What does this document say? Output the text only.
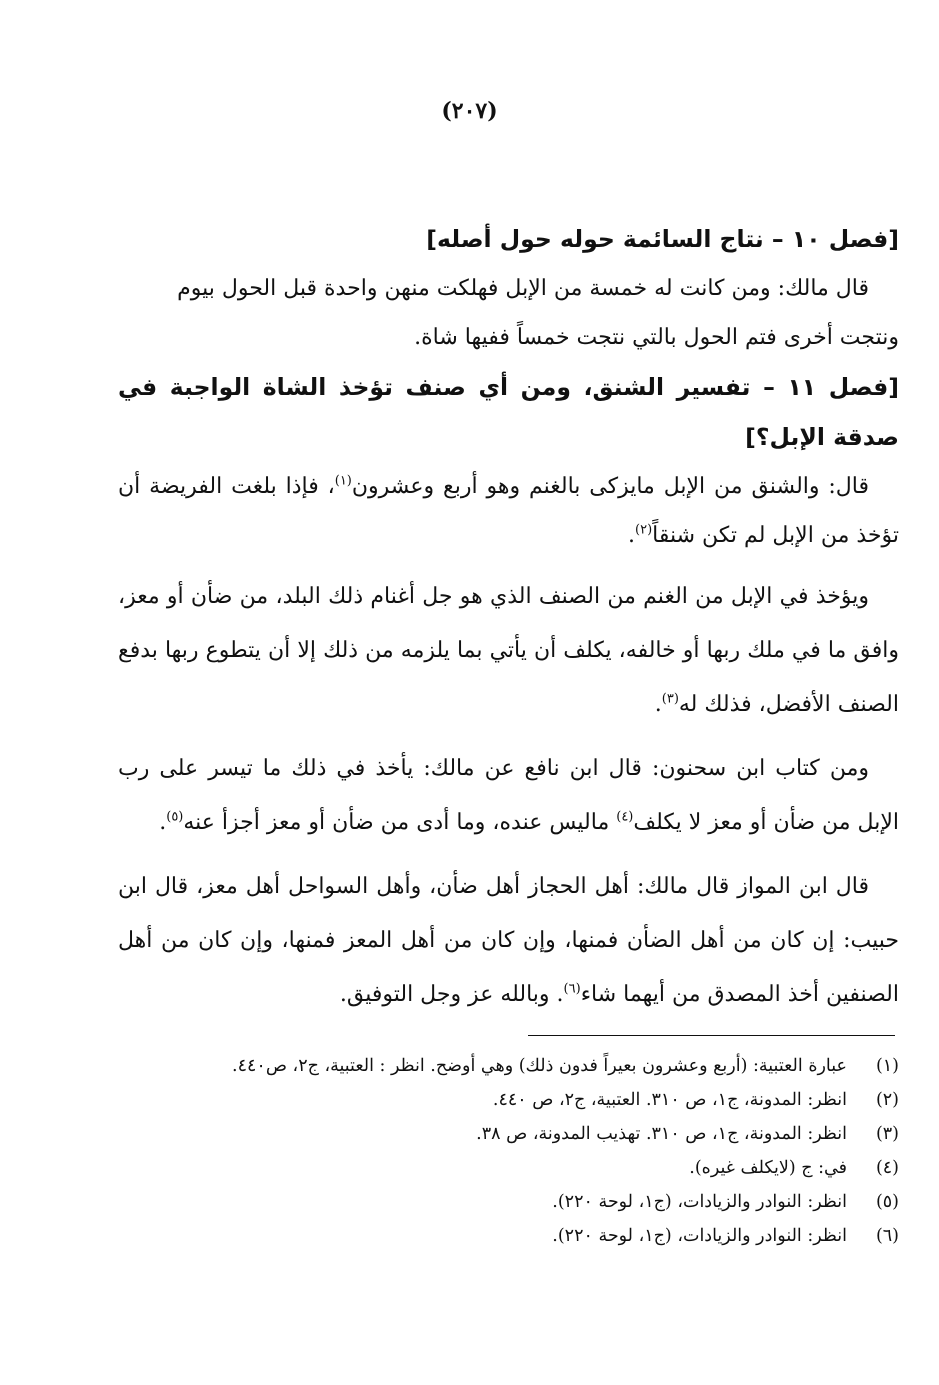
(٢٠٧)
[فصل ١٠ – نتاج السائمة حوله حول أصله]

قال مالك: ومن كانت له خمسة من الإبل فهلكت منهن واحدة قبل الحول بيوم
ونتجت أخرى فتم الحول بالتي نتجت خمساً ففيها شاة.

[فصل ١١ – تفسير الشنق، ومن أي صنف تؤخذ الشاة الواجبة في صدقة الإبل؟]

قال: والشنق من الإبل مايزكى بالغنم وهو أربع وعشرون$^{(١)}$، فإذا بلغت الفريضة أن تؤخذ من الإبل لم تكن شنقاً$^{(٢)}$.

ويؤخذ في الإبل من الغنم من الصنف الذي هو جل أغنام ذلك البلد، من ضأن أو معز، وافق ما في ملك ربها أو خالفه، يكلف أن يأتي بما يلزمه من ذلك إلا أن يتطوع ربها بدفع الصنف الأفضل، فذلك له$^{(٣)}$.

ومن كتاب ابن سحنون: قال ابن نافع عن مالك: يأخذ في ذلك ما تيسر على رب الإبل من ضأن أو معز لا يكلف$^{(٤)}$ ماليس عنده، وما أدى من ضأن أو معز أجزأ عنه$^{(٥)}$.

قال ابن المواز قال مالك: أهل الحجاز أهل ضأن، وأهل السواحل أهل معز، قال ابن حبيب: إن كان من أهل الضأن فمنها، وإن كان من أهل المعز فمنها، وإن كان من أهل الصنفين أخذ المصدق من أيهما شاء$^{(٦)}$. وبالله عز وجل التوفيق.

(١)
عبارة العتبية: (أربع وعشرون بعيراً فدون ذلك) وهي أوضح. انظر : العتبية، ج٢، ص٤٤٠.
(٢)
انظر: المدونة، ج١، ص ٣١٠. العتبية، ج٢، ص ٤٤٠.
(٣)
انظر: المدونة، ج١، ص ٣١٠. تهذيب المدونة، ص ٣٨.
(٤)
في: ج (لايكلف غيره).
(٥)
انظر: النوادر والزيادات، (ج١، لوحة ٢٢٠).
(٦)
انظر: النوادر والزيادات، (ج١، لوحة ٢٢٠).
